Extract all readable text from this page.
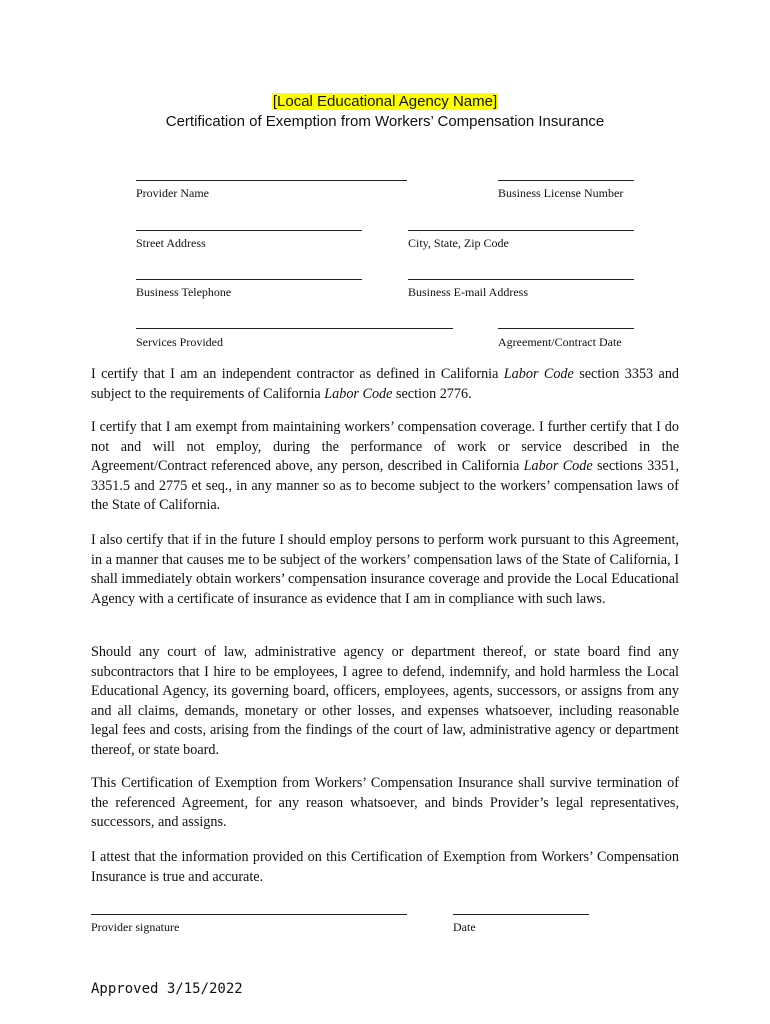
[Local Educational Agency Name]
Certification of Exemption from Workers’ Compensation Insurance
Provider Name	Business License Number
Street Address	City, State, Zip Code
Business Telephone	Business E-mail Address
Services Provided	Agreement/Contract Date

I certify that I am an independent contractor as defined in California Labor Code section 3353 and subject to the requirements of California Labor Code section 2776.

I certify that I am exempt from maintaining workers’ compensation coverage. I further certify that I do not and will not employ, during the performance of work or service described in the Agreement/Contract referenced above, any person, described in California Labor Code sections 3351, 3351.5 and 2775 et seq., in any manner so as to become subject to the workers’ compensation laws of the State of California.

I also certify that if in the future I should employ persons to perform work pursuant to this Agreement, in a manner that causes me to be subject of the workers’ compensation laws of the State of California, I shall immediately obtain workers’ compensation insurance coverage and provide the Local Educational Agency with a certificate of insurance as evidence that I am in compliance with such laws.

Should any court of law, administrative agency or department thereof, or state board find any subcontractors that I hire to be employees, I agree to defend, indemnify, and hold harmless the Local Educational Agency, its governing board, officers, employees, agents, successors, or assigns from any and all claims, demands, monetary or other losses, and expenses whatsoever, including reasonable legal fees and costs, arising from the findings of the court of law, administrative agency or department thereof, or state board.

This Certification of Exemption from Workers’ Compensation Insurance shall survive termination of the referenced Agreement, for any reason whatsoever, and binds Provider’s legal representatives, successors, and assigns.

I attest that the information provided on this Certification of Exemption from Workers’ Compensation Insurance is true and accurate.

Provider signature	Date
Approved 3/15/2022
